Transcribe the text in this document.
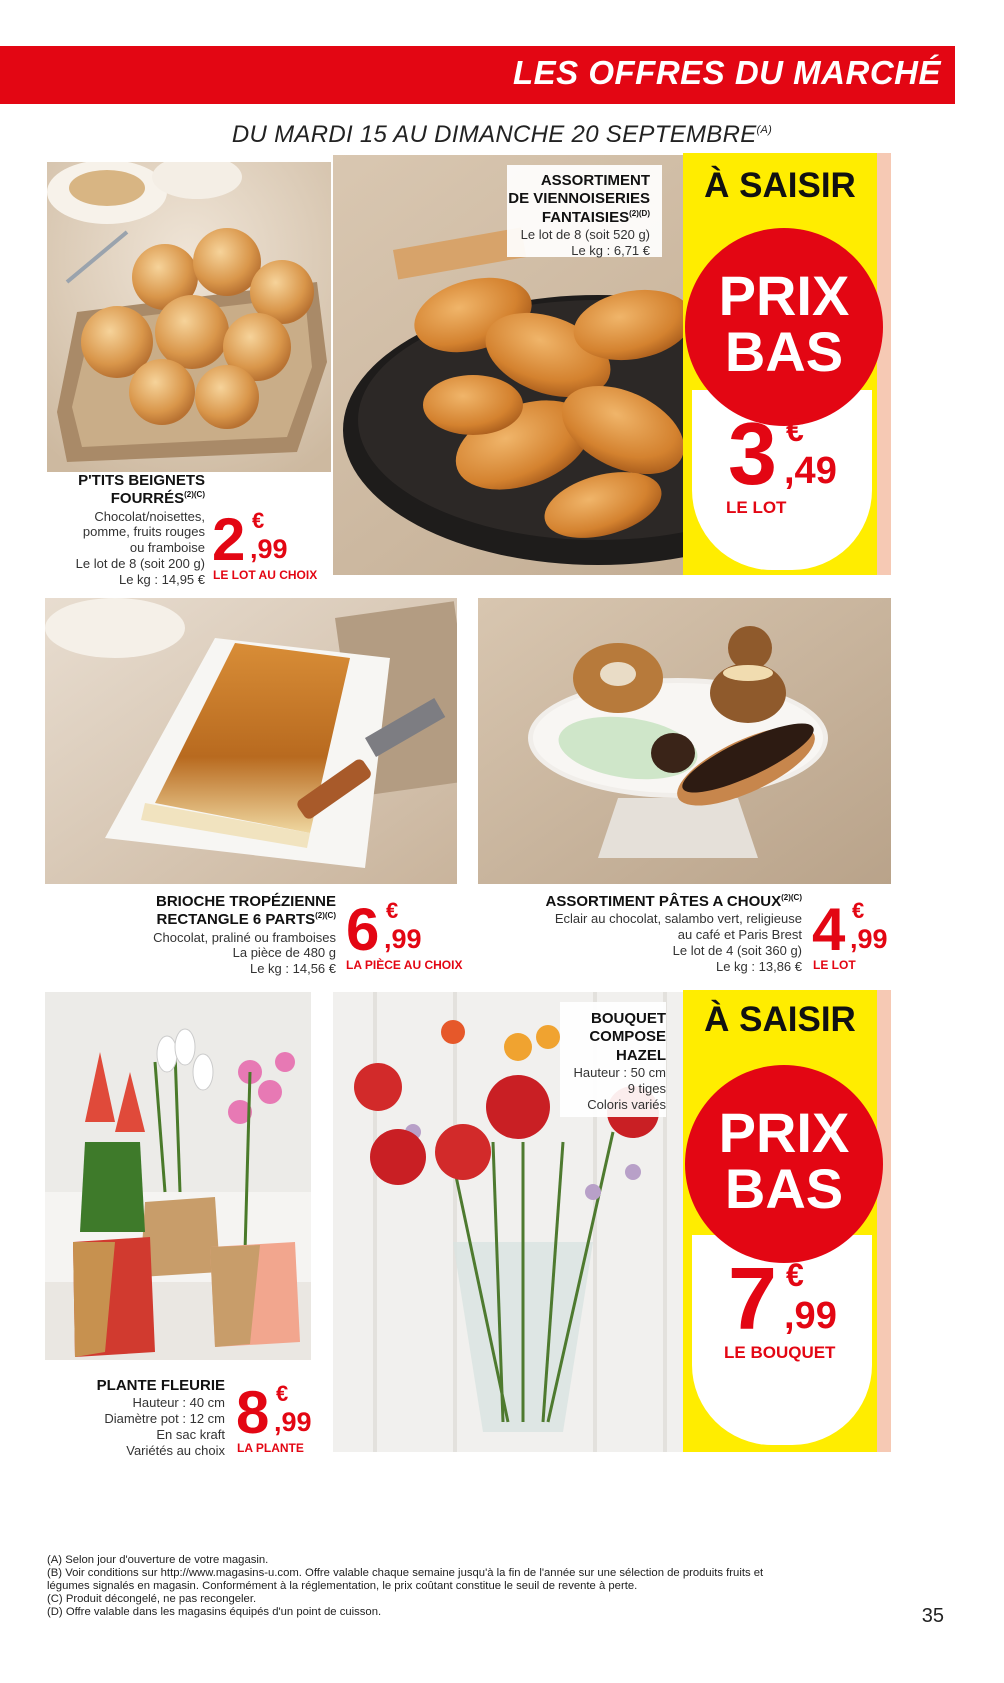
LES OFFRES DU MARCHÉ
DU MARDI 15 AU DIMANCHE 20 $SEPTEMBRE^{(A)}$
P'TITS BEIGNETS
$FOURRÉS^{(2)(C)}$
Chocolat/noisettes,
pomme, fruits rouges
ou framboise
Le lot de 8 (soit 200 g)
Le kg : 14,95 €
2 €
,99
LE LOT AU CHOIX
ASSORTIMENT
DE VIENNOISERIES
$FANTAISIES^{(2)(D)}$
Le lot de 8 (soit 520 g)
Le kg : 6,71 €
À SAISIR
PRIX
BAS
3 €
,49
LE LOT
BRIOCHE TROPÉZIENNE
RECTANGLE 6 $PARTS^{(2)(C)}$
Chocolat, praliné ou framboises
La pièce de 480 g
Le kg : 14,56 €
6 €
,99
LA PIÈCE AU CHOIX
ASSORTIMENT PÂTES A $CHOUX^{(2)(C)}$
Eclair au chocolat, salambo vert, religieuse
au café et Paris Brest
Le lot de 4 (soit 360 g)
Le kg : 13,86 €
4 €
,99
LE LOT
PLANTE FLEURIE
Hauteur : 40 cm
Diamètre pot : 12 cm
En sac kraft
Variétés au choix
8 €
,99
LA PLANTE
BOUQUET
COMPOSE
HAZEL
Hauteur : 50 cm
9 tiges
Coloris variés
À SAISIR
PRIX
BAS
7 €
,99
LE BOUQUET
(A) Selon jour d'ouverture de votre magasin.
(B) Voir conditions sur http://www.magasins-u.com. Offre valable chaque semaine jusqu'à la fin de l'année sur une sélection de produits fruits et
légumes signalés en magasin. Conformément à la réglementation, le prix coûtant constitue le seuil de revente à perte.
(C) Produit décongelé, ne pas recongeler.
(D) Offre valable dans les magasins équipés d'un point de cuisson.	35
